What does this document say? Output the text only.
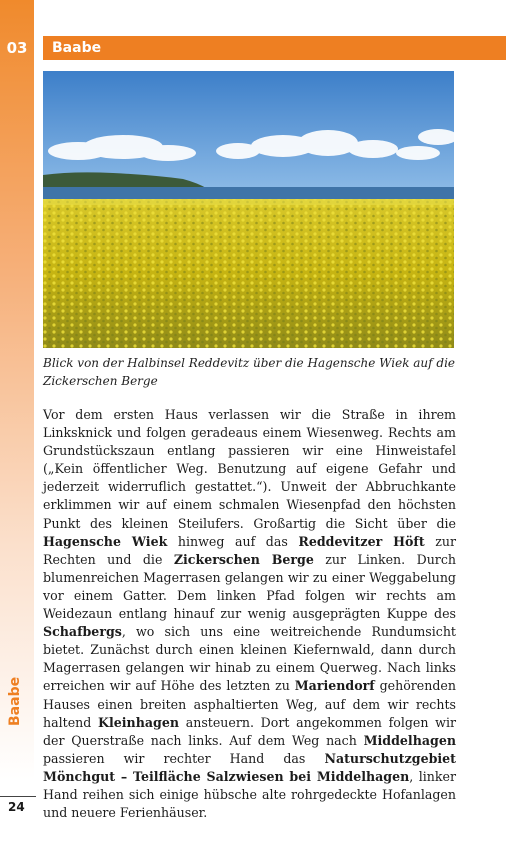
03	Baabe
Blick von der Halbinsel Reddevitz über die Hagensche Wiek auf die Zickerschen Berge
Vor dem ersten Haus verlassen wir die Straße in ihrem Linksknick und folgen geradeaus einem Wiesenweg. Rechts am Grundstückszaun entlang passieren wir eine Hinweistafel („Kein öffentlicher Weg. Benutzung auf eigene Gefahr und jederzeit widerruflich gestattet.“). Unweit der Abbruchkante erklimmen wir auf einem schmalen Wiesenpfad den höchsten Punkt des kleinen Steilufers. Großartig die Sicht über die Hagensche Wiek hinweg auf das Reddevitzer Höft zur Rechten und die Zickerschen Berge zur Linken. Durch blumenreichen Magerrasen gelangen wir zu einer Weggabelung vor einem Gatter. Dem linken Pfad folgen wir rechts am Weidezaun entlang hinauf zur wenig ausgeprägten Kuppe des Schafbergs, wo sich uns eine weitreichende Rundumsicht bietet. Zunächst durch einen kleinen Kiefernwald, dann durch Magerrasen gelangen wir hinab zu einem Querweg. Nach links erreichen wir auf Höhe des letzten zu Mariendorf gehörenden Hauses einen breiten asphaltierten Weg, auf dem wir rechts haltend Kleinhagen ansteuern. Dort angekommen folgen wir der Querstraße nach links. Auf dem Weg nach Middelhagen passieren wir rechter Hand das Naturschutzgebiet Mönchgut – Teilfläche Salzwiesen bei Middelhagen, linker Hand reihen sich einige hübsche alte rohrgedeckte Hofanlagen und neuere Ferienhäuser.
24
